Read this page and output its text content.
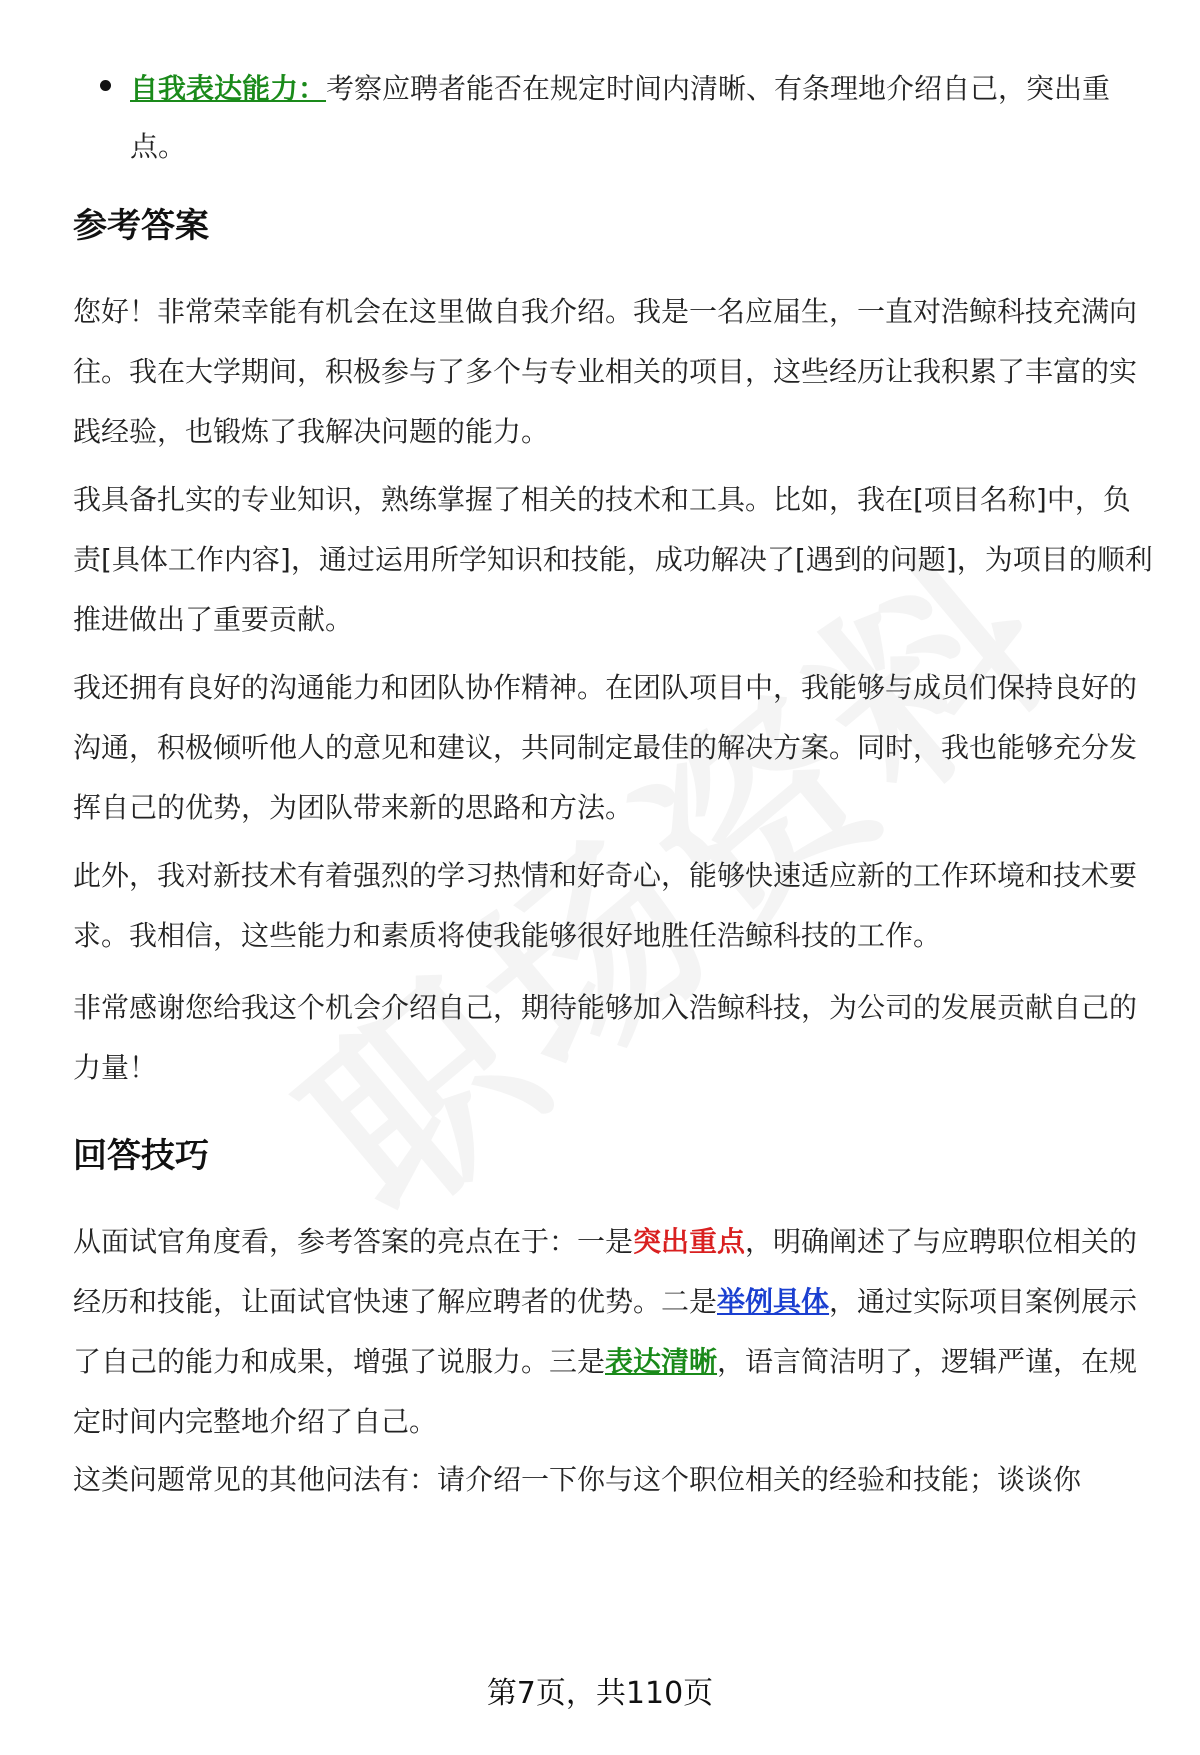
自我表达能力：考察应聘者能否在规定时间内清晰、有条理地介绍自己，突出重点。
参考答案

您好！非常荣幸能有机会在这里做自我介绍。我是一名应届生，一直对浩鲸科技充满向往。我在大学期间，积极参与了多个与专业相关的项目，这些经历让我积累了丰富的实践经验，也锻炼了我解决问题的能力。

我具备扎实的专业知识，熟练掌握了相关的技术和工具。比如，我在[项目名称]中，负责[具体工作内容]，通过运用所学知识和技能，成功解决了[遇到的问题]，为项目的顺利推进做出了重要贡献。

我还拥有良好的沟通能力和团队协作精神。在团队项目中，我能够与成员们保持良好的沟通，积极倾听他人的意见和建议，共同制定最佳的解决方案。同时，我也能够充分发挥自己的优势，为团队带来新的思路和方法。

此外，我对新技术有着强烈的学习热情和好奇心，能够快速适应新的工作环境和技术要求。我相信，这些能力和素质将使我能够很好地胜任浩鲸科技的工作。

非常感谢您给我这个机会介绍自己，期待能够加入浩鲸科技，为公司的发展贡献自己的力量！

回答技巧

从面试官角度看，参考答案的亮点在于：一是突出重点，明确阐述了与应聘职位相关的经历和技能，让面试官快速了解应聘者的优势。二是举例具体，通过实际项目案例展示了自己的能力和成果，增强了说服力。三是表达清晰，语言简洁明了，逻辑严谨，在规定时间内完整地介绍了自己。

这类问题常见的其他问法有：请介绍一下你与这个职位相关的经验和技能；谈谈你

第7页，共110页
